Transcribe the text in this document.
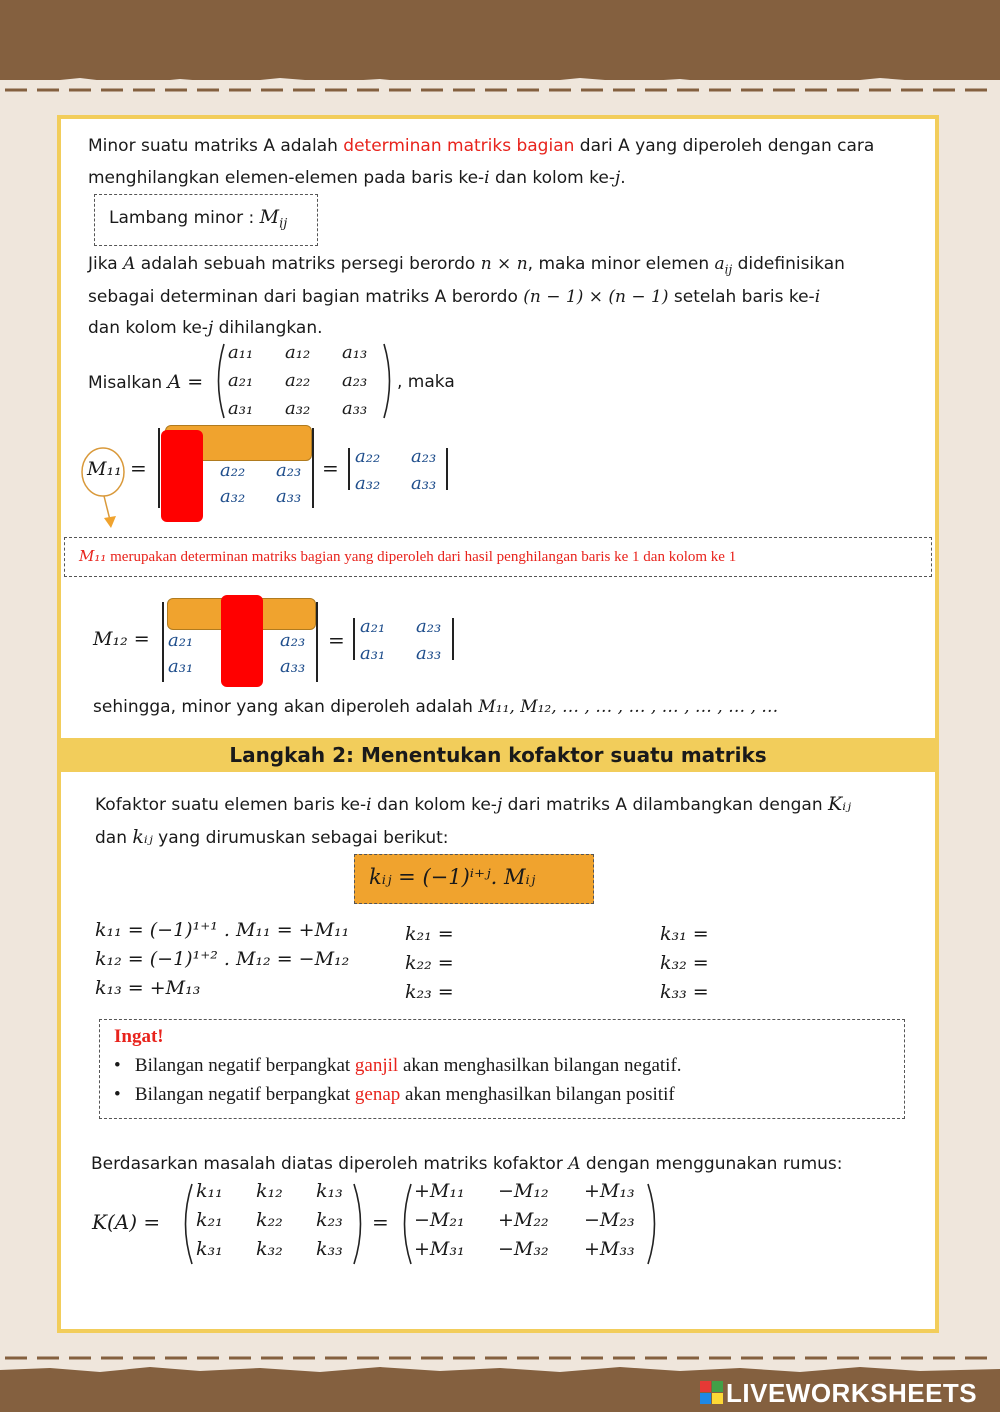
Minor suatu matriks A adalah determinan matriks bagian dari A yang diperoleh dengan cara
menghilangkan elemen-elemen pada baris ke-i dan kolom ke-j.
Lambang minor : $M_{ij}$
Jika A adalah sebuah matriks persegi berordo n × n, maka minor elemen $a_{ij}$ didefinisikan
sebagai determinan dari bagian matriks A berordo (n − 1) × (n − 1) setelah baris ke-i
dan kolom ke-j dihilangkan.
Misalkan A =
a₁₁ a₁₂ a₁₃
a₂₁ a₂₂ a₂₃
a₃₁ a₃₂ a₃₃
, maka
M₁₁ =	a₂₂ a₂₃
a₃₂ a₃₃
= a₂₂ a₂₃
a₃₂ a₃₃
M₁₁ merupakan determinan matriks bagian yang diperoleh dari hasil penghilangan baris ke 1 dan kolom ke 1
M₁₂ = a₂₁	a₂₃
a₃₁	a₃₃
=
a₂₁ a₂₃
a₃₁ a₃₃
sehingga, minor yang akan diperoleh adalah M₁₁, M₁₂, … , … , … , … , … , … , …
Langkah 2: Menentukan kofaktor suatu matriks
Kofaktor suatu elemen baris ke-i dan kolom ke-j dari matriks A dilambangkan dengan Kᵢⱼ
dan kᵢⱼ yang dirumuskan sebagai berikut:
kᵢⱼ = (−1)ⁱ⁺ʲ. Mᵢⱼ
k₁₁ = (−1)¹⁺¹ . M₁₁ = +M₁₁
k₁₂ = (−1)¹⁺² . M₁₂ = −M₁₂
k₁₃ = +M₁₃
k₂₁ =
k₂₂ =
k₂₃ =
k₃₁ =
k₃₂ =
k₃₃ =
Ingat!
•   Bilangan negatif berpangkat ganjil akan menghasilkan bilangan negatif.
•   Bilangan negatif berpangkat genap akan menghasilkan bilangan positif
Berdasarkan masalah diatas diperoleh matriks kofaktor A dengan menggunakan rumus:
K(A) =
k₁₁ k₁₂ k₁₃
k₂₁ k₂₂ k₂₃
k₃₁ k₃₂ k₃₃
=
+M₁₁ −M₁₂ +M₁₃
−M₂₁ +M₂₂ −M₂₃
+M₃₁ −M₃₂ +M₃₃
LIVEWORKSHEETS
